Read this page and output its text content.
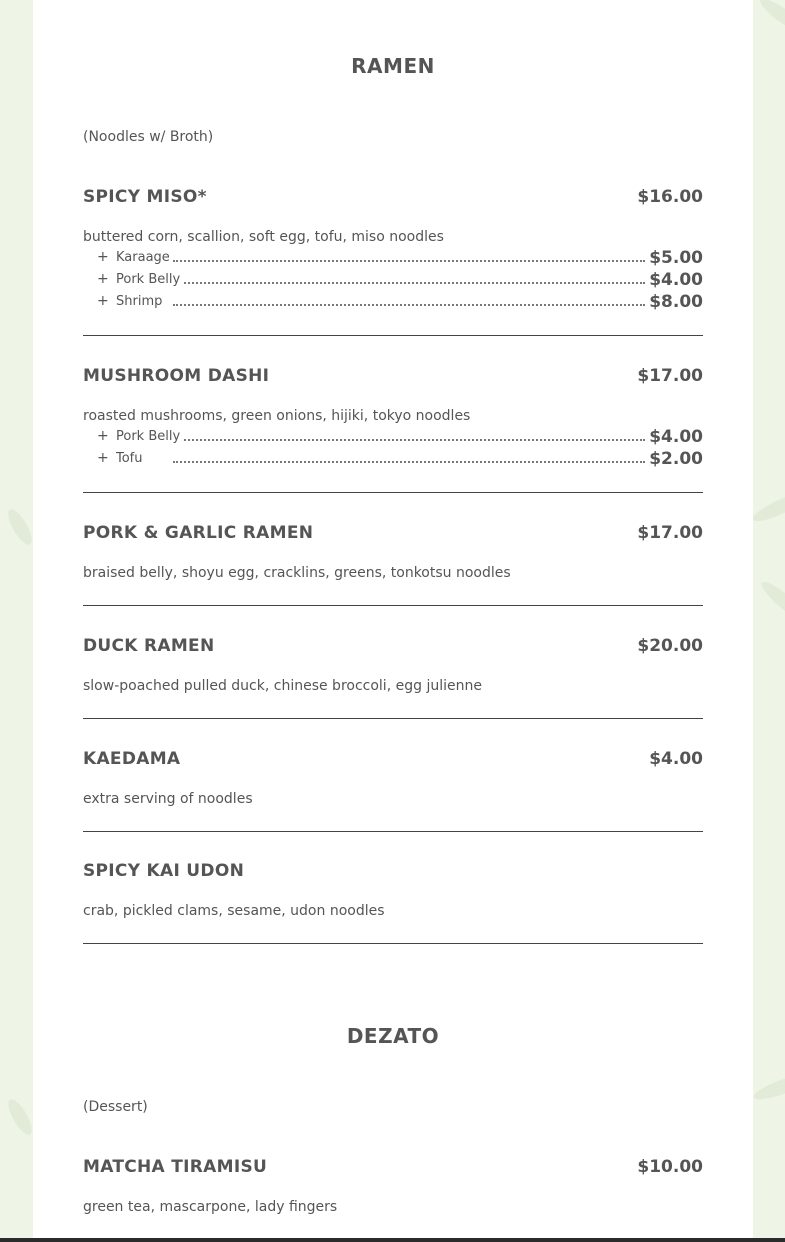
RAMEN
(Noodles w/ Broth)
SPICY MISO*	$16.00
buttered corn, scallion, soft egg, tofu, miso noodles
+ Karaage	$5.00
+ Pork Belly	$4.00
+ Shrimp	$8.00
MUSHROOM DASHI	$17.00
roasted mushrooms, green onions, hijiki, tokyo noodles
+ Pork Belly	$4.00
+ Tofu	$2.00
PORK & GARLIC RAMEN	$17.00
braised belly, shoyu egg, cracklins, greens, tonkotsu noodles
DUCK RAMEN	$20.00
slow-poached pulled duck, chinese broccoli, egg julienne
KAEDAMA	$4.00
extra serving of noodles
SPICY KAI UDON
crab, pickled clams, sesame, udon noodles
DEZATO
(Dessert)
MATCHA TIRAMISU	$10.00
green tea, mascarpone, lady fingers
